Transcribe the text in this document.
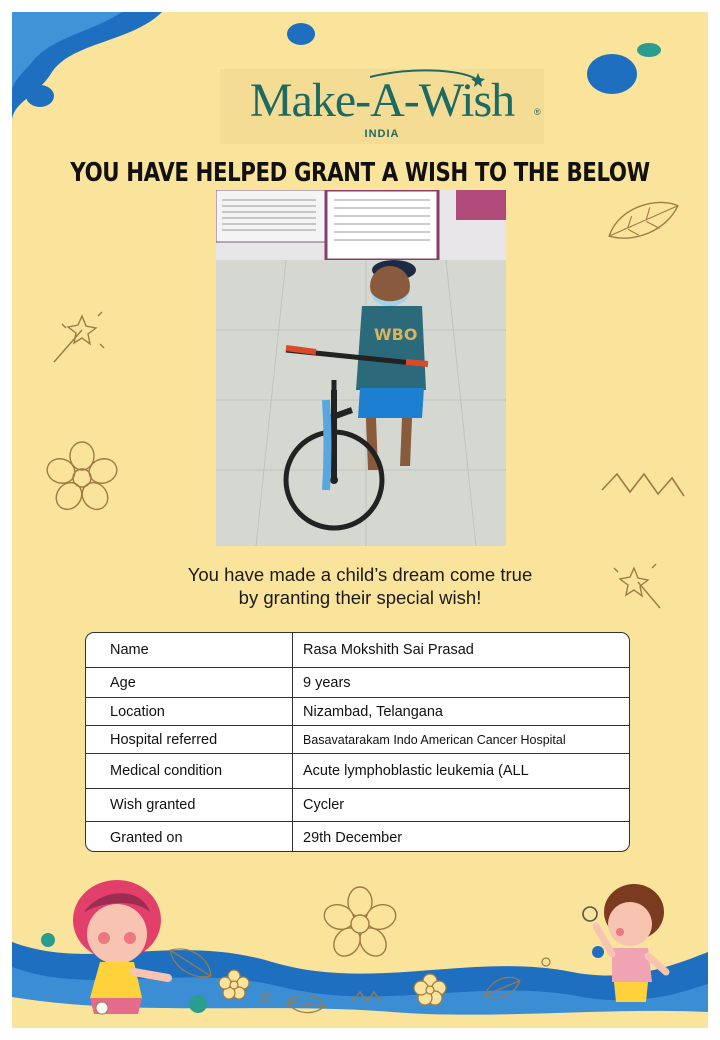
Make-A-Wish	®
INDIA
YOU HAVE HELPED GRANT A WISH TO THE BELOW
WBO
You have made a child’s dream come true
by granting their special wish!
Name	Rasa Mokshith Sai Prasad
Age	9 years
Location	Nizambad, Telangana
Hospital referred	Basavatarakam Indo American Cancer Hospital
Medical condition	Acute lymphoblastic leukemia (ALL
Wish granted	Cycler
Granted on	29th December
